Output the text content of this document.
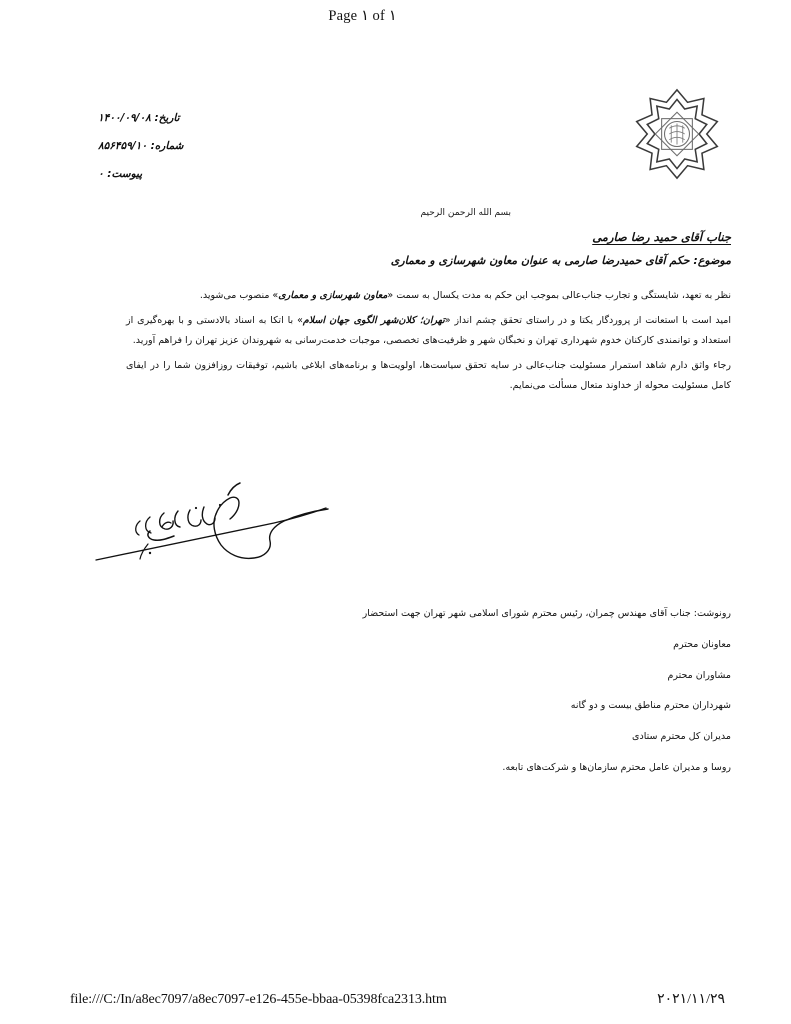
Page ۱ of ۱
تاریخ: ۱۴۰۰/۰۹/۰۸
شماره: ۸۵۶۴۵۹/۱۰
پیوست: ۰
بسم الله الرحمن الرحیم
جناب آقای حمید رضا صارمی
موضوع: حکم آقای حمیدرضا صارمی به عنوان معاون شهرسازی و معماری

نظر به تعهد، شایستگی و تجارب جناب‌عالی بموجب این حکم به مدت یکسال به سمت «معاون شهرسازی و معماری» منصوب می‌شوید.

امید است با استعانت از پروردگار یکتا و در راستای تحقق چشم انداز «تهران؛ کلان‌شهر الگوی جهان اسلام» با اتکا به اسناد بالادستی و با بهره‌گیری از استعداد و توانمندی کارکنان خدوم شهرداری تهران و نخبگان شهر و ظرفیت‌های تخصصی، موجبات خدمت‌رسانی به شهروندان عزیز تهران را فراهم آورید.

رجاء واثق دارم شاهد استمرار مسئولیت جناب‌عالی در سایه تحقق سیاست‌ها، اولویت‌ها و برنامه‌های ابلاغی باشیم، توفیقات روزافزون شما را در ایفای کامل مسئولیت محوله از خداوند متعال مسألت می‌نمایم.

رونوشت: جناب آقای مهندس چمران، رئیس محترم شورای اسلامی شهر تهران جهت استحضار
معاونان محترم
مشاوران محترم
شهرداران محترم مناطق بیست و دو گانه
مدیران کل محترم ستادی
روسا و مدیران عامل محترم سازمان‌ها و شرکت‌های تابعه.
file:///C:/In/a8ec7097/a8ec7097-e126-455e-bbaa-05398fca2313.htm	۲۰۲۱/۱۱/۲۹
